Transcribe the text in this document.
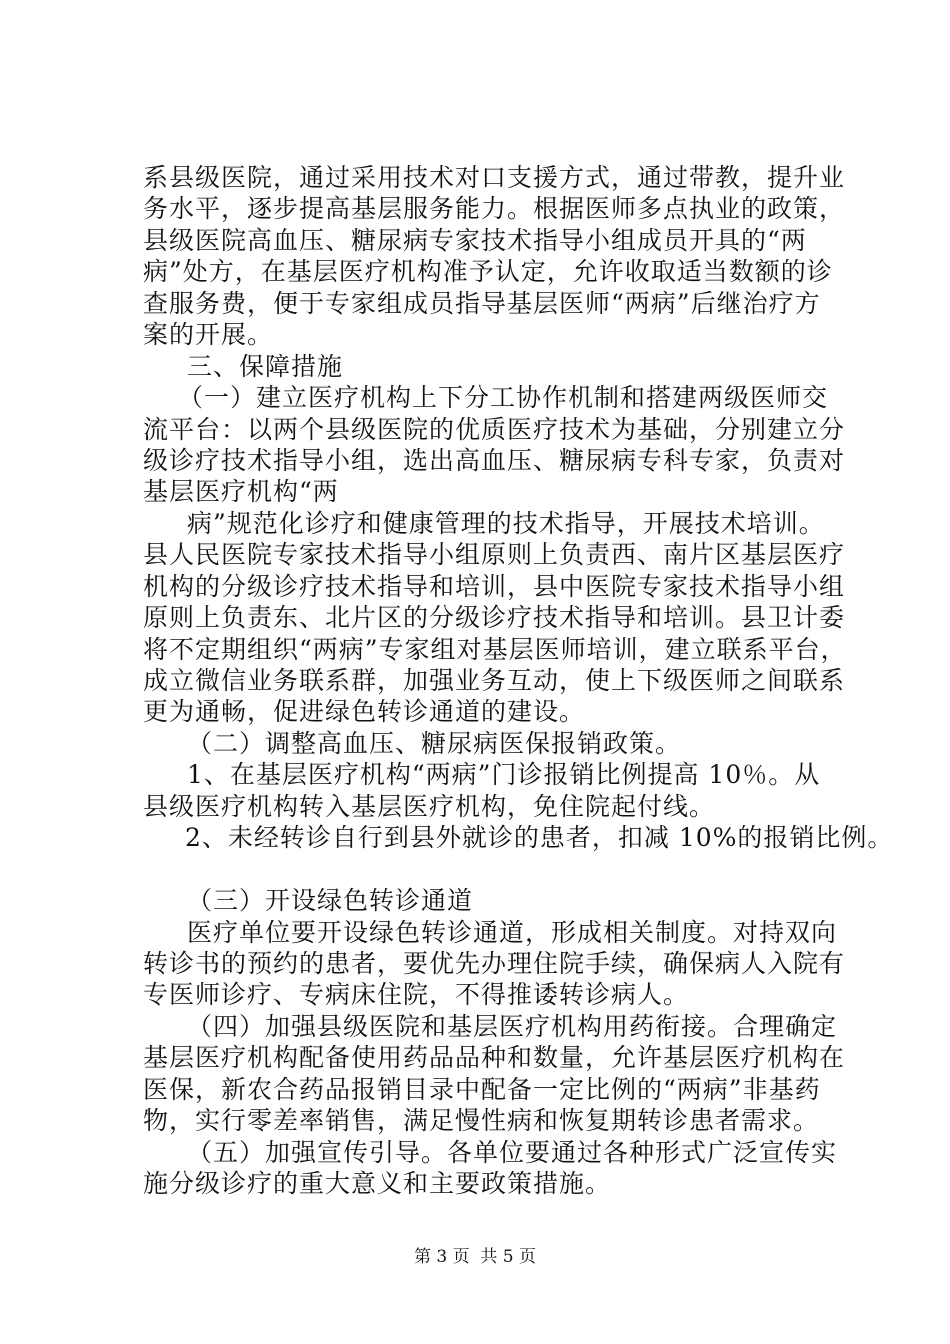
系县级医院，通过采用技术对口支援方式，通过带教，提升业
务水平，逐步提高基层服务能力。根据医师多点执业的政策，
县级医院高血压、糖尿病专家技术指导小组成员开具的“两
病”处方，在基层医疗机构准予认定，允许收取适当数额的诊
查服务费，便于专家组成员指导基层医师“两病”后继治疗方
案的开展。
三、保障措施
（一）建立医疗机构上下分工协作机制和搭建两级医师交
流平台：以两个县级医院的优质医疗技术为基础，分别建立分
级诊疗技术指导小组，选出高血压、糖尿病专科专家，负责对
基层医疗机构“两
病”规范化诊疗和健康管理的技术指导，开展技术培训。
县人民医院专家技术指导小组原则上负责西、南片区基层医疗
机构的分级诊疗技术指导和培训，县中医院专家技术指导小组
原则上负责东、北片区的分级诊疗技术指导和培训。县卫计委
将不定期组织“两病”专家组对基层医师培训，建立联系平台，
成立微信业务联系群，加强业务互动，使上下级医师之间联系
更为通畅，促进绿色转诊通道的建设。
（二）调整高血压、糖尿病医保报销政策。
1、在基层医疗机构“两病”门诊报销比例提高 10％。从
县级医疗机构转入基层医疗机构，免住院起付线。
2、未经转诊自行到县外就诊的患者，扣减 10%的报销比例。
（三）开设绿色转诊通道
医疗单位要开设绿色转诊通道，形成相关制度。对持双向
转诊书的预约的患者，要优先办理住院手续，确保病人入院有
专医师诊疗、专病床住院，不得推诿转诊病人。
（四）加强县级医院和基层医疗机构用药衔接。合理确定
基层医疗机构配备使用药品品种和数量，允许基层医疗机构在
医保，新农合药品报销目录中配备一定比例的“两病”非基药
物，实行零差率销售，满足慢性病和恢复期转诊患者需求。
（五）加强宣传引导。各单位要通过各种形式广泛宣传实
施分级诊疗的重大意义和主要政策措施。
第 3 页  共 5 页
